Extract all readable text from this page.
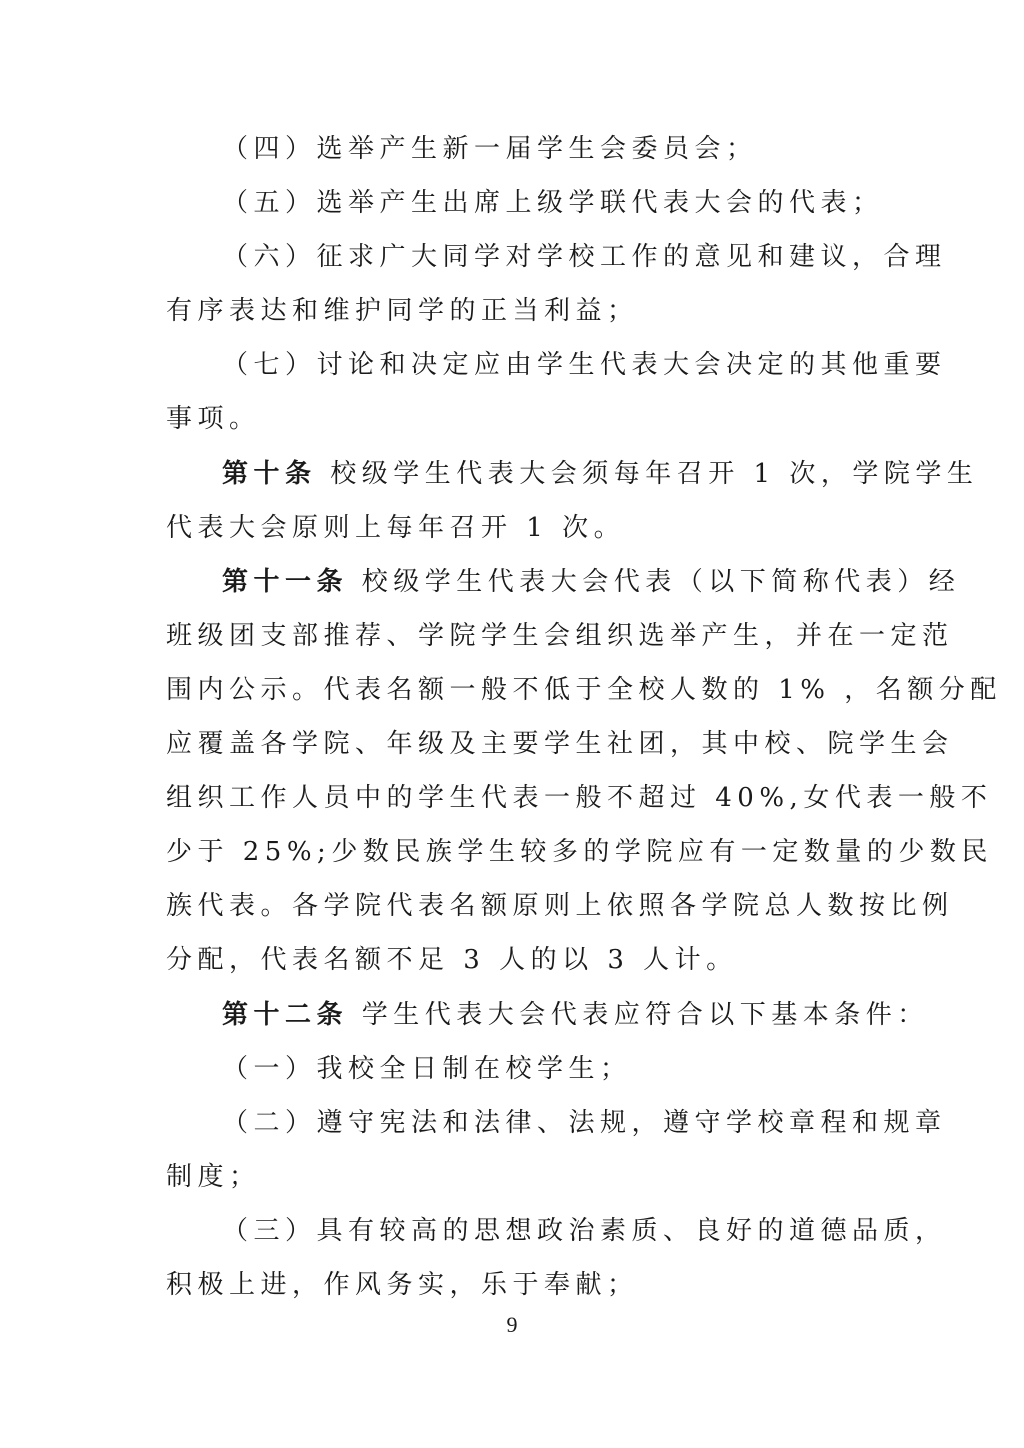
（四）选举产生新一届学生会委员会；
（五）选举产生出席上级学联代表大会的代表；
（六）征求广大同学对学校工作的意见和建议，合理
有序表达和维护同学的正当利益；
（七）讨论和决定应由学生代表大会决定的其他重要
事项。
第十条 校级学生代表大会须每年召开 1 次，学院学生
代表大会原则上每年召开 1 次。
第十一条 校级学生代表大会代表（以下简称代表）经
班级团支部推荐、学院学生会组织选举产生，并在一定范
围内公示。代表名额一般不低于全校人数的 1% ，名额分配
应覆盖各学院、年级及主要学生社团，其中校、院学生会
组织工作人员中的学生代表一般不超过 40%,女代表一般不
少于 25%;少数民族学生较多的学院应有一定数量的少数民
族代表。各学院代表名额原则上依照各学院总人数按比例
分配，代表名额不足 3 人的以 3 人计。
第十二条 学生代表大会代表应符合以下基本条件：
（一）我校全日制在校学生；
（二）遵守宪法和法律、法规，遵守学校章程和规章
制度；
（三）具有较高的思想政治素质、良好的道德品质，
积极上进，作风务实，乐于奉献；
9
